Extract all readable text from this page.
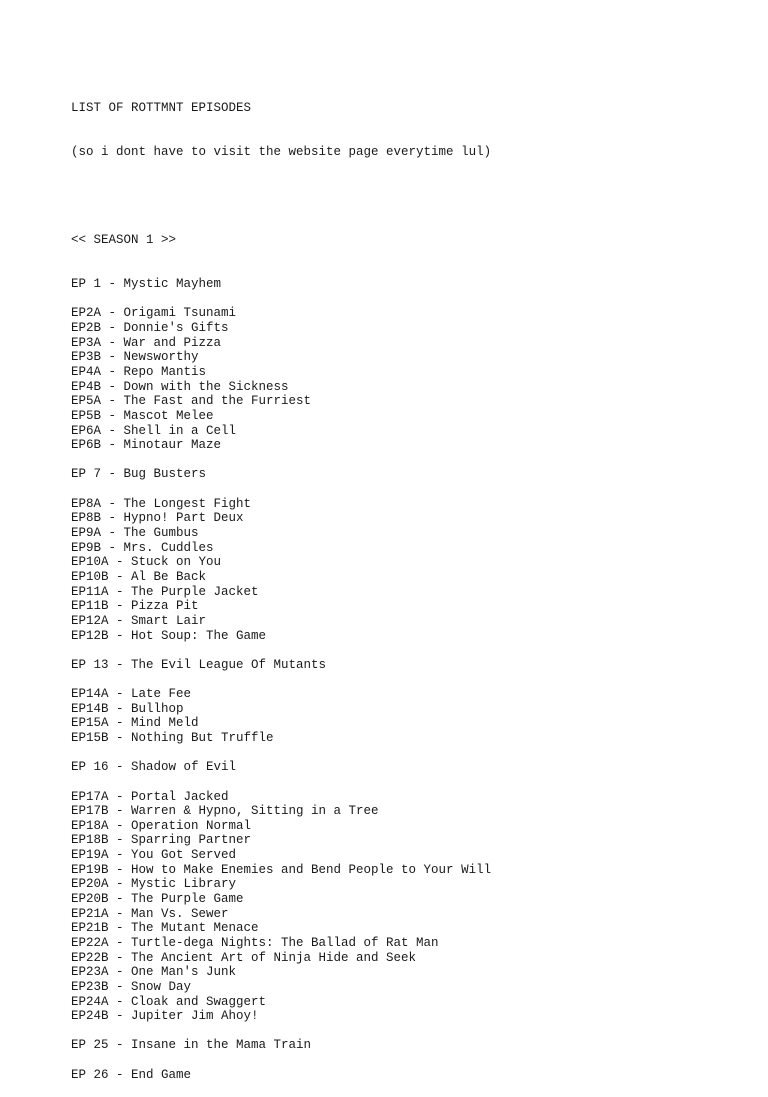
LIST OF ROTTMNT EPISODES

(so i dont have to visit the website page everytime lul)

<< SEASON 1 >>

EP 1 - Mystic Mayhem
EP2A - Origami Tsunami
EP2B - Donnie's Gifts
EP3A - War and Pizza
EP3B - Newsworthy
EP4A - Repo Mantis
EP4B - Down with the Sickness
EP5A - The Fast and the Furriest
EP5B - Mascot Melee
EP6A - Shell in a Cell
EP6B - Minotaur Maze
EP 7 - Bug Busters
EP8A - The Longest Fight
EP8B - Hypno! Part Deux
EP9A - The Gumbus
EP9B - Mrs. Cuddles
EP10A - Stuck on You
EP10B - Al Be Back
EP11A - The Purple Jacket
EP11B - Pizza Pit
EP12A - Smart Lair
EP12B - Hot Soup: The Game
EP 13 - The Evil League Of Mutants
EP14A - Late Fee
EP14B - Bullhop
EP15A - Mind Meld
EP15B - Nothing But Truffle
EP 16 - Shadow of Evil
EP17A - Portal Jacked
EP17B - Warren & Hypno, Sitting in a Tree
EP18A - Operation Normal
EP18B - Sparring Partner
EP19A - You Got Served
EP19B - How to Make Enemies and Bend People to Your Will
EP20A - Mystic Library
EP20B - The Purple Game
EP21A - Man Vs. Sewer
EP21B - The Mutant Menace
EP22A - Turtle-dega Nights: The Ballad of Rat Man
EP22B - The Ancient Art of Ninja Hide and Seek
EP23A - One Man's Junk
EP23B - Snow Day
EP24A - Cloak and Swaggert
EP24B - Jupiter Jim Ahoy!
EP 25 - Insane in the Mama Train
EP 26 - End Game
